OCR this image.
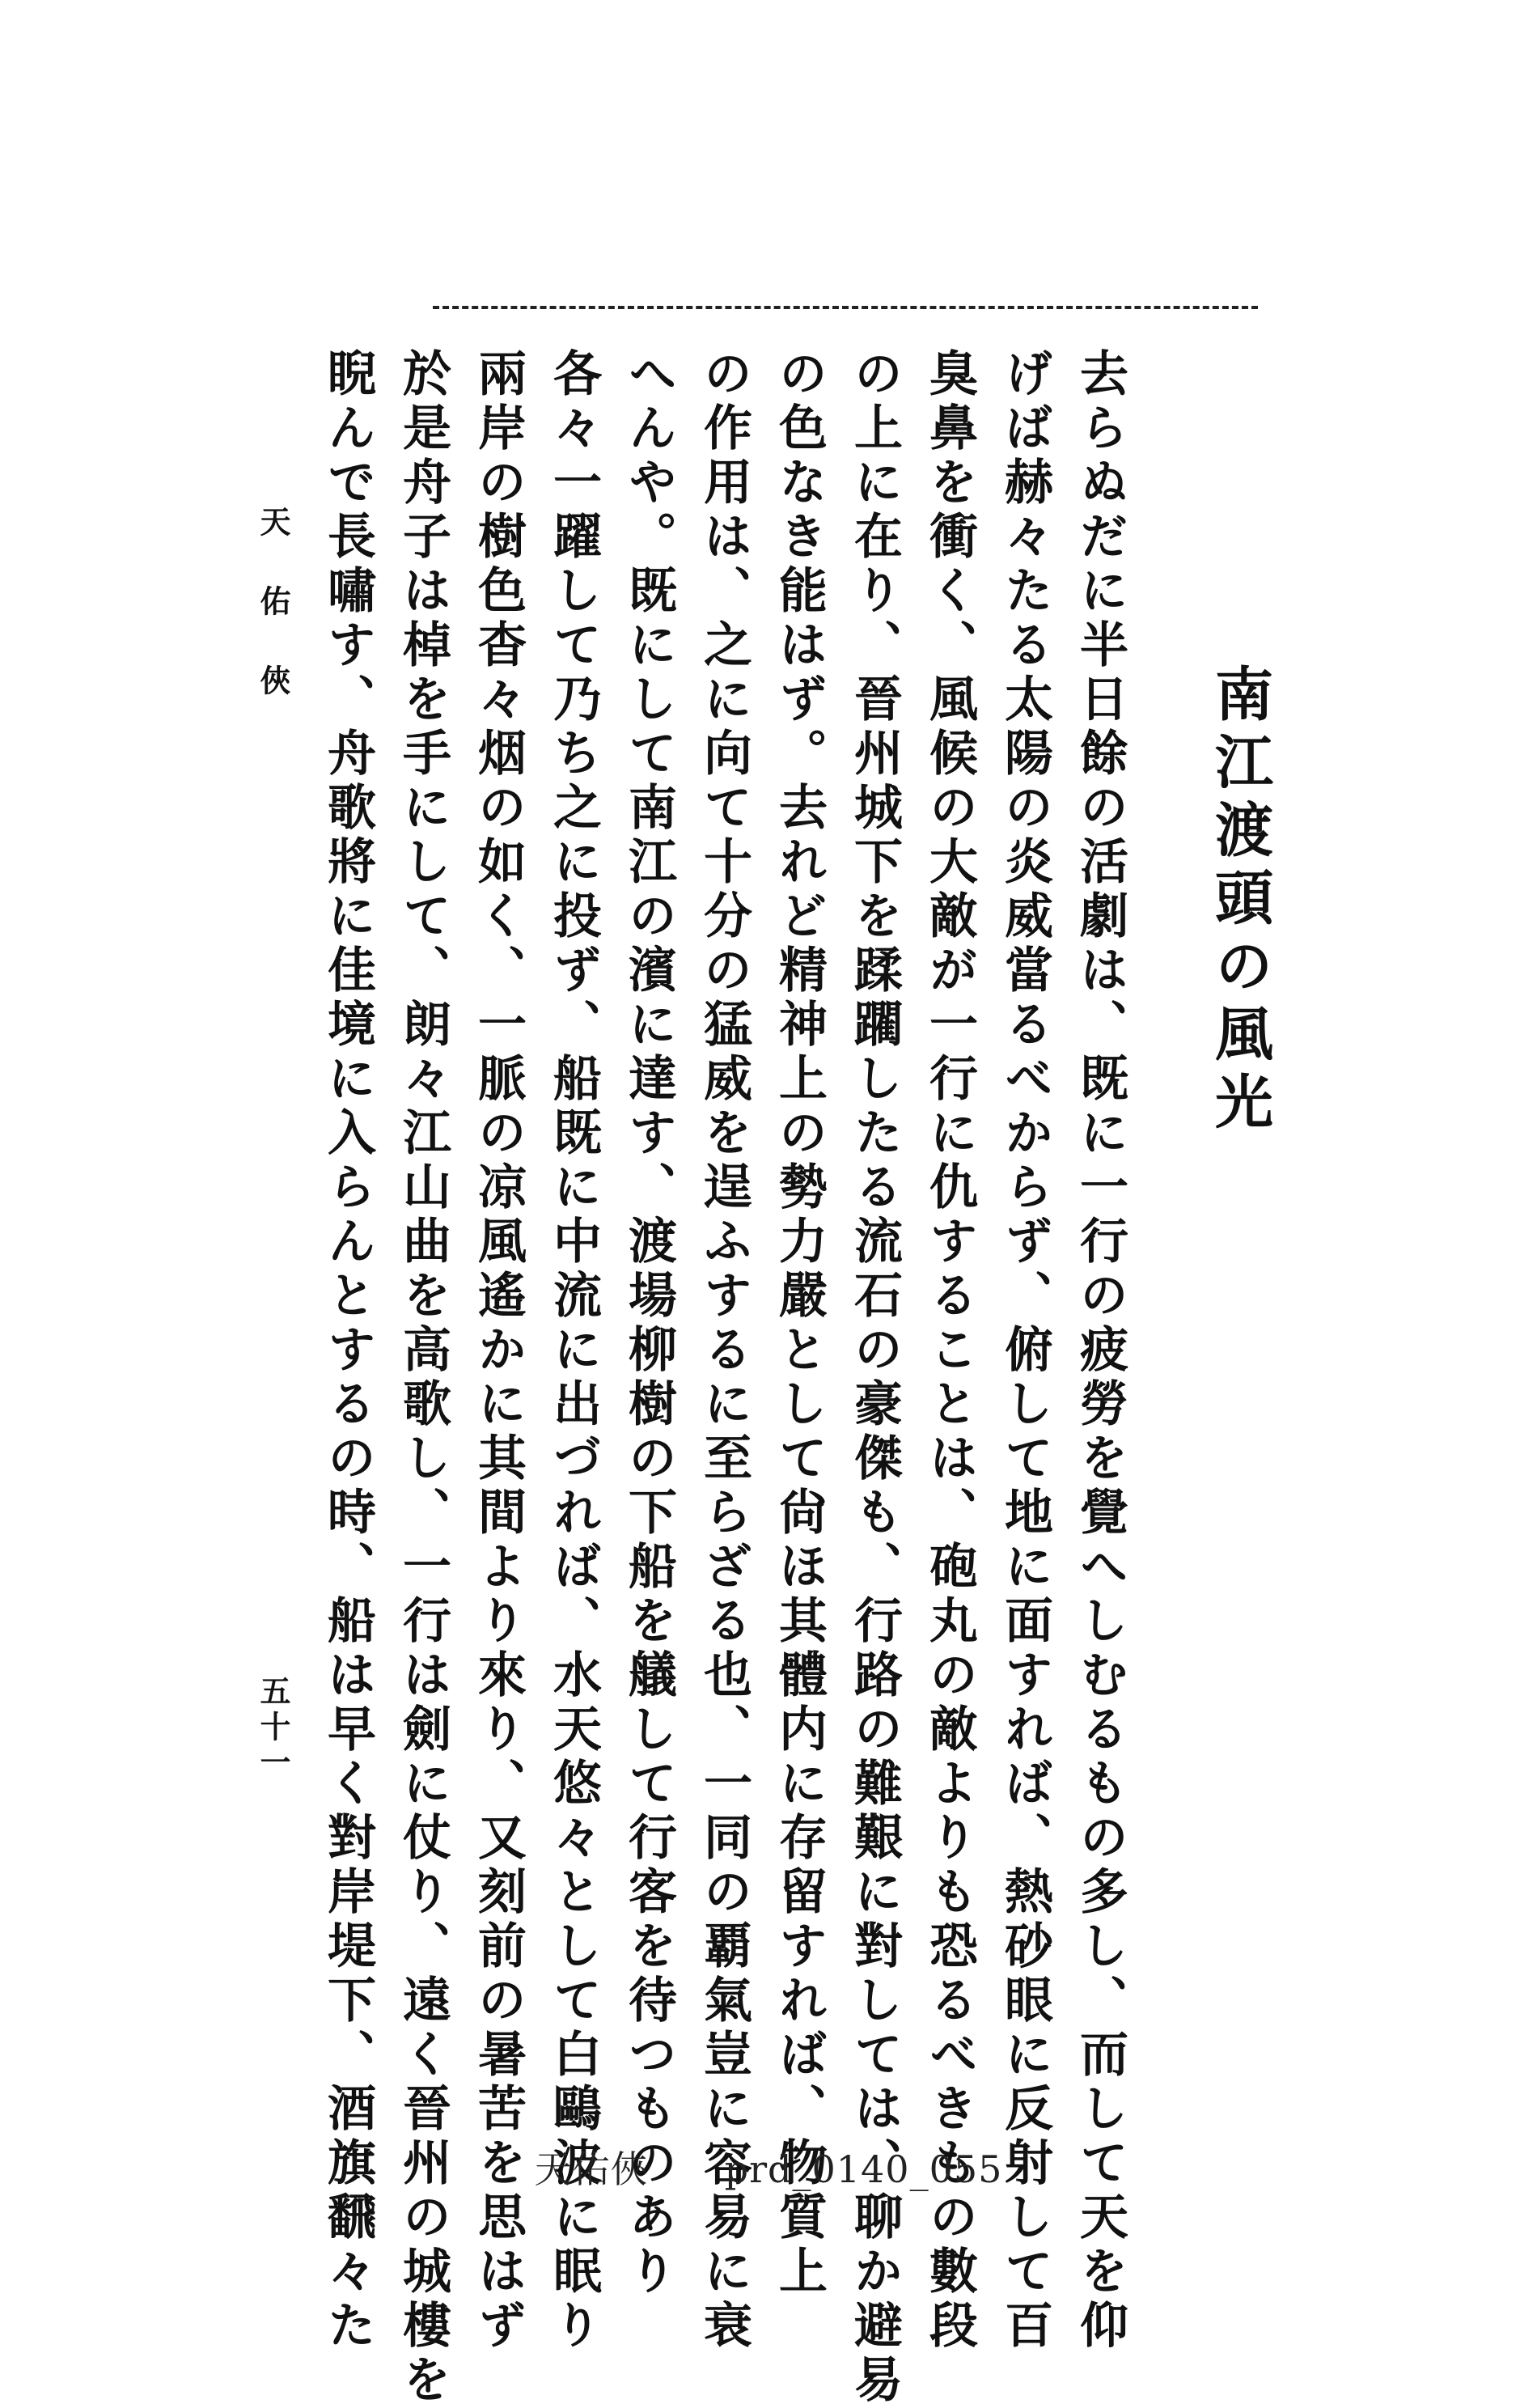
南江渡頭の風光
去らぬだに半日餘の活劇は、既に一行の疲勞を覺へしむるもの多し、而して天を仰
げば赫々たる太陽の炎威當るべからず、俯して地に面すれば、熱砂眼に反射して百
臭鼻を衝く、風候の大敵が一行に仇することは、砲丸の敵よりも恐るべきもの數段
の上に在り、晉州城下を蹂躙したる流石の豪傑も、行路の難艱に對しては、聊か避易
の色なき能はず。去れど精神上の勢力嚴として尙ほ其體内に存留すれば、物質上
の作用は、之に向て十分の猛威を逞ふするに至らざる也、一同の覇氣豈に容易に衰
へんや。既にして南江の濱に達す、渡場柳樹の下船を艤して行客を待つものあり
各々一躍して乃ち之に投ず、船既に中流に出づれば、水天悠々として白鷗波に眠り
兩岸の樹色杳々烟の如く、一脈の凉風遙かに其間より來り、又刻前の暑苦を思はず
於是舟子は棹を手にして、朗々江山曲を高歌し、一行は劍に仗り、遠く晉州の城樓を
睨んで長嘯す、舟歌將に佳境に入らんとするの時、船は早く對岸堤下、酒旗飜々た
天佑俠
五十一
天佑俠　　prd_0140_055
